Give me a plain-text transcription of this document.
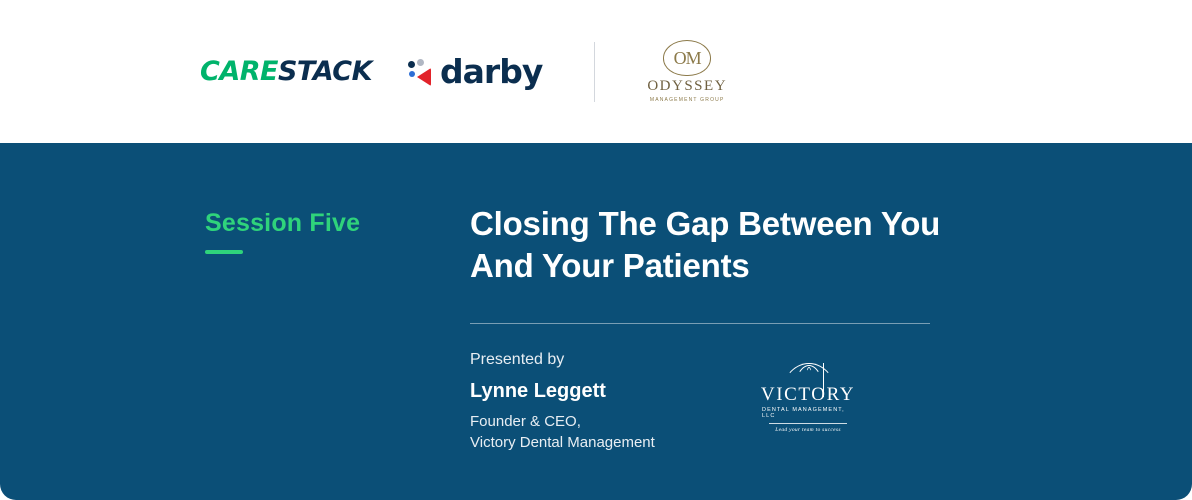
CARESTACK darby	OM
ODYSSEY
MANAGEMENT GROUP
Session Five	Closing The Gap Between You And Your Patients
Presented by
Lynne Leggett
Founder & CEO,
Victory Dental Management
VICTORY
DENTAL MANAGEMENT, LLC
Lead your team to success
